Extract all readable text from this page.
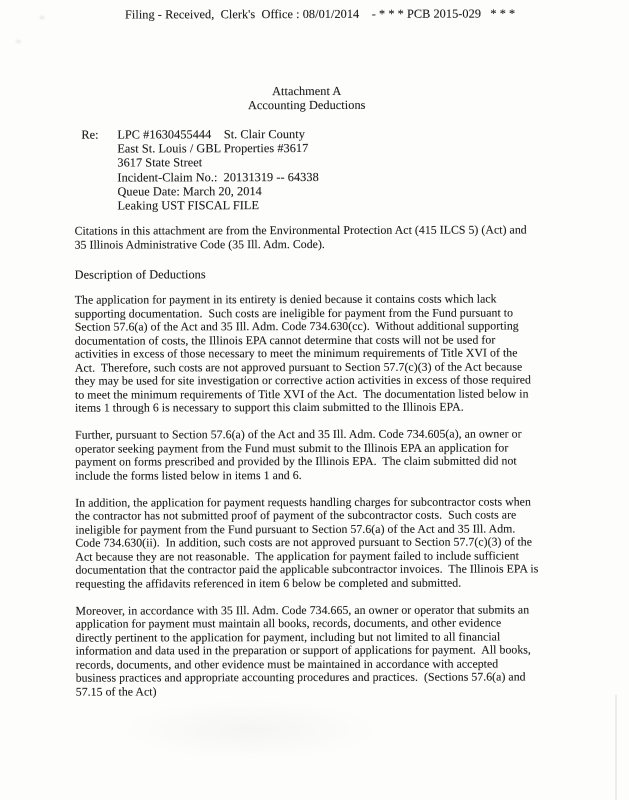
Filing - Received,  Clerk's  Office : 08/01/2014    - * * * PCB 2015-029   * * *
Attachment A
Accounting Deductions
Re:	LPC #1630455444    St. Clair County
East St. Louis / GBL Properties #3617
3617 State Street
Incident-Claim No.:  20131319 -- 64338
Queue Date: March 20, 2014
Leaking UST FISCAL FILE
Citations in this attachment are from the Environmental Protection Act (415 ILCS 5) (Act) and
35 Illinois Administrative Code (35 Ill. Adm. Code).
Description of Deductions

The application for payment in its entirety is denied because it contains costs which lack
supporting documentation.  Such costs are ineligible for payment from the Fund pursuant to
Section 57.6(a) of the Act and 35 Ill. Adm. Code 734.630(cc).  Without additional supporting
documentation of costs, the Illinois EPA cannot determine that costs will not be used for
activities in excess of those necessary to meet the minimum requirements of Title XVI of the
Act.  Therefore, such costs are not approved pursuant to Section 57.7(c)(3) of the Act because
they may be used for site investigation or corrective action activities in excess of those required
to meet the minimum requirements of Title XVI of the Act.  The documentation listed below in
items 1 through 6 is necessary to support this claim submitted to the Illinois EPA.

Further, pursuant to Section 57.6(a) of the Act and 35 Ill. Adm. Code 734.605(a), an owner or
operator seeking payment from the Fund must submit to the Illinois EPA an application for
payment on forms prescribed and provided by the Illinois EPA.  The claim submitted did not
include the forms listed below in items 1 and 6.

In addition, the application for payment requests handling charges for subcontractor costs when
the contractor has not submitted proof of payment of the subcontractor costs.  Such costs are
ineligible for payment from the Fund pursuant to Section 57.6(a) of the Act and 35 Ill. Adm.
Code 734.630(ii).  In addition, such costs are not approved pursuant to Section 57.7(c)(3) of the
Act because they are not reasonable.  The application for payment failed to include sufficient
documentation that the contractor paid the applicable subcontractor invoices.  The Illinois EPA is
requesting the affidavits referenced in item 6 below be completed and submitted.

Moreover, in accordance with 35 Ill. Adm. Code 734.665, an owner or operator that submits an
application for payment must maintain all books, records, documents, and other evidence
directly pertinent to the application for payment, including but not limited to all financial
information and data used in the preparation or support of applications for payment.  All books,
records, documents, and other evidence must be maintained in accordance with accepted
business practices and appropriate accounting procedures and practices.  (Sections 57.6(a) and
57.15 of the Act)
